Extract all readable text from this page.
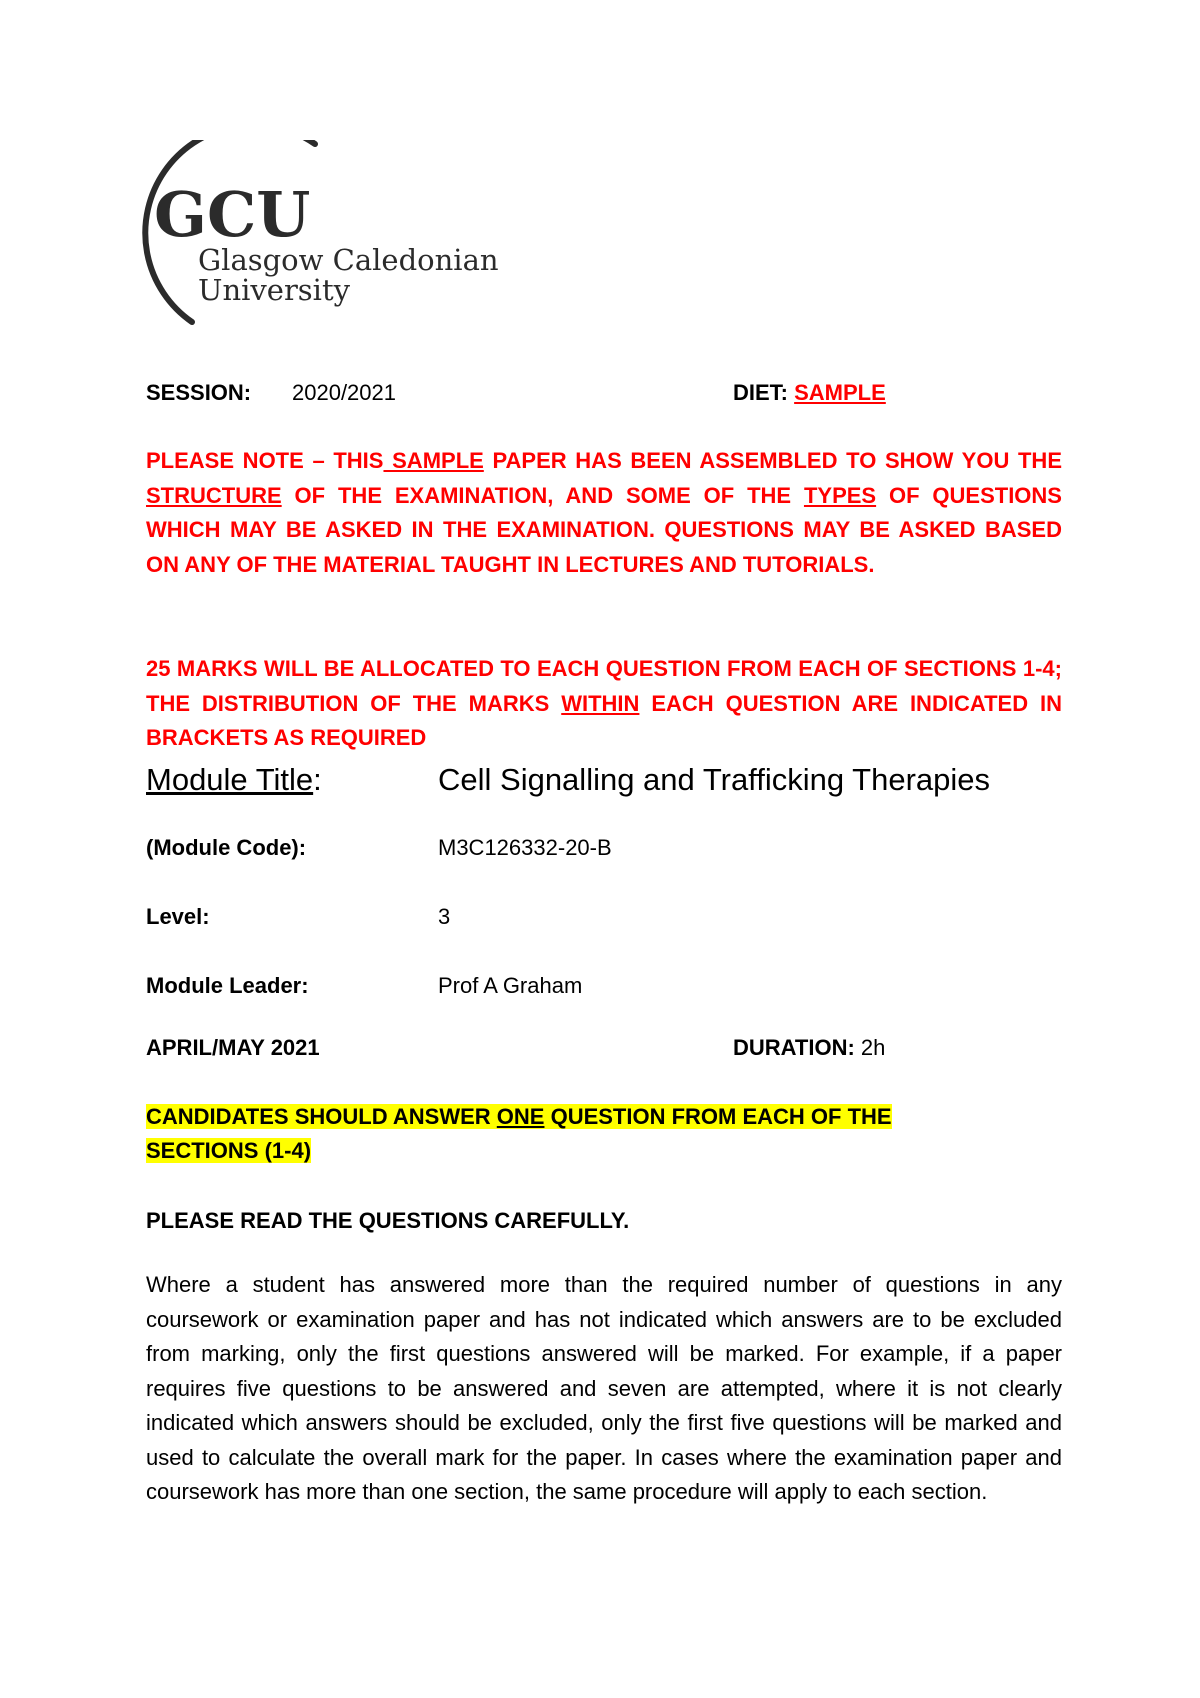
GCU
Glasgow Caledonian
University
SESSION: 2020/2021	DIET: SAMPLE
PLEASE NOTE – THIS SAMPLE PAPER HAS BEEN ASSEMBLED TO SHOW YOU THE STRUCTURE OF THE EXAMINATION, AND SOME OF THE TYPES OF QUESTIONS WHICH MAY BE ASKED IN THE EXAMINATION. QUESTIONS MAY BE ASKED BASED ON ANY OF THE MATERIAL TAUGHT IN LECTURES AND TUTORIALS.
25 MARKS WILL BE ALLOCATED TO EACH QUESTION FROM EACH OF SECTIONS 1-4; THE DISTRIBUTION OF THE MARKS WITHIN EACH QUESTION ARE INDICATED IN BRACKETS AS REQUIRED
Module Title:	Cell Signalling and Trafficking Therapies
(Module Code):	M3C126332-20-B
Level:	3
Module Leader:	Prof A Graham
APRIL/MAY 2021	DURATION: 2h
CANDIDATES SHOULD ANSWER ONE QUESTION FROM EACH OF THE
SECTIONS (1-4)
PLEASE READ THE QUESTIONS CAREFULLY.
Where a student has answered more than the required number of questions in any coursework or examination paper and has not indicated which answers are to be excluded from marking, only the first questions answered will be marked. For example, if a paper requires five questions to be answered and seven are attempted, where it is not clearly indicated which answers should be excluded, only the first five questions will be marked and used to calculate the overall mark for the paper. In cases where the examination paper and coursework has more than one section, the same procedure will apply to each section.
